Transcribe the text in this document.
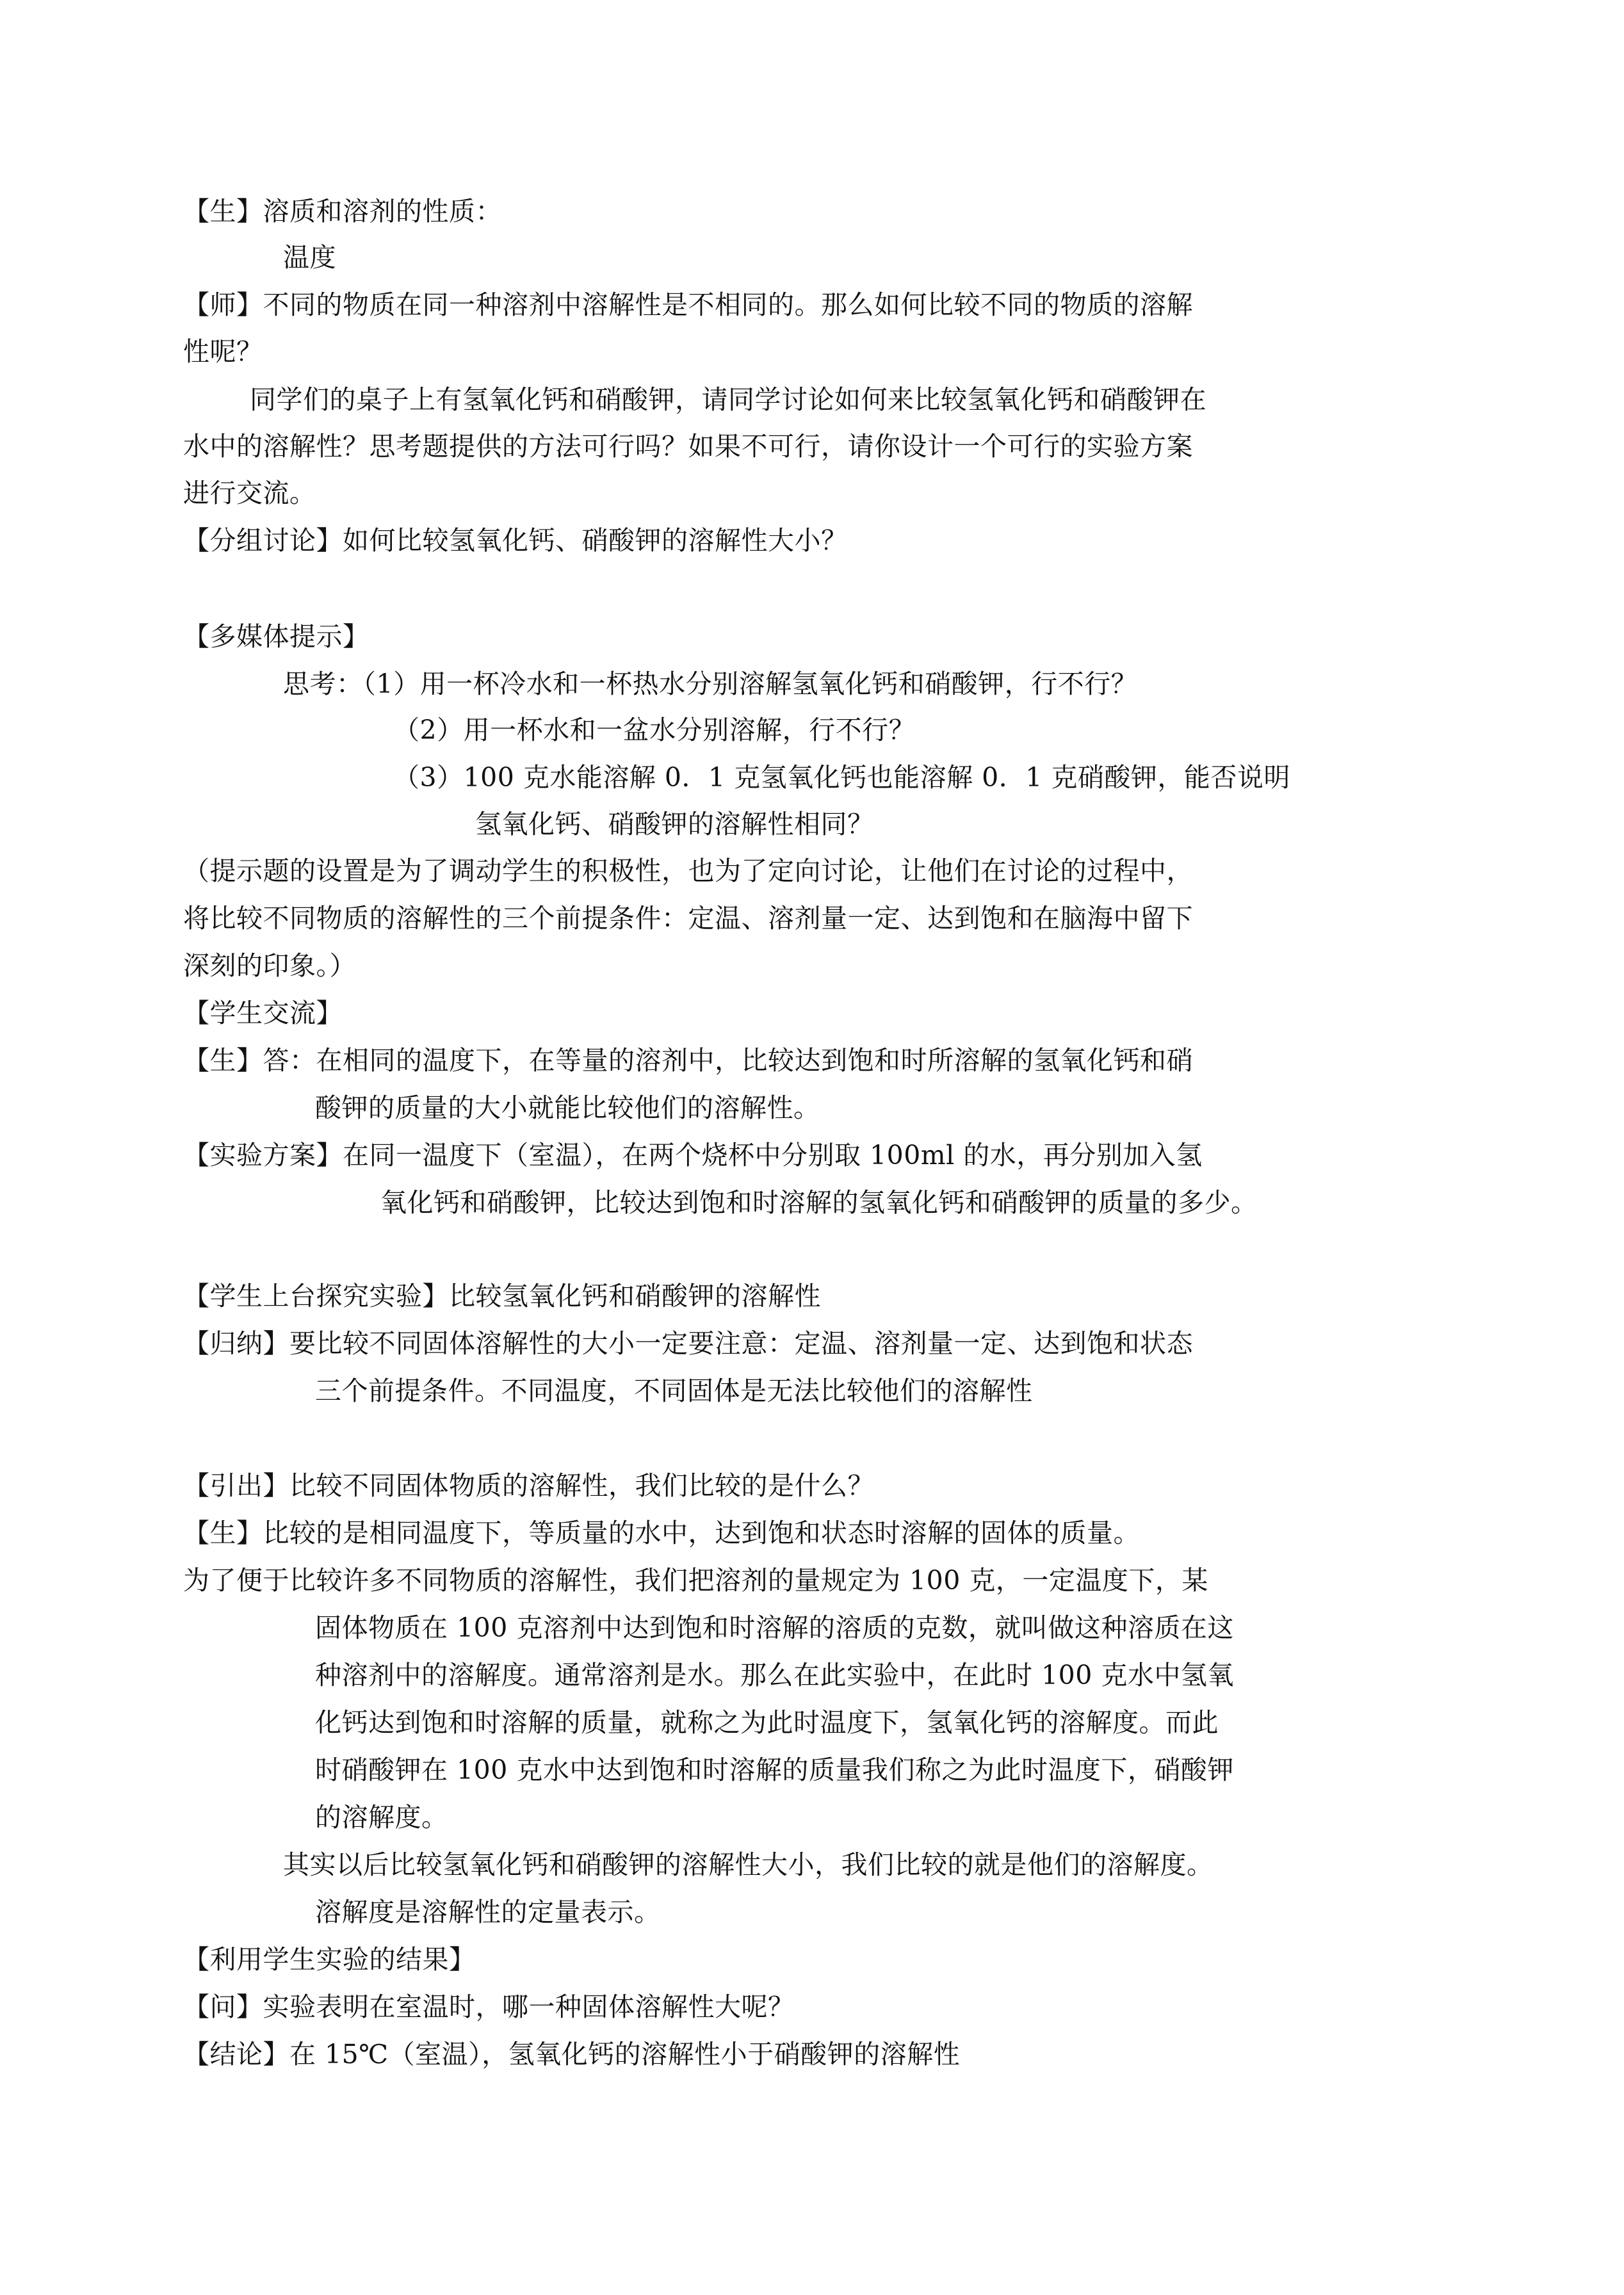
【生】溶质和溶剂的性质：
温度
【师】不同的物质在同一种溶剂中溶解性是不相同的。那么如何比较不同的物质的溶解
性呢？
同学们的桌子上有氢氧化钙和硝酸钾，请同学讨论如何来比较氢氧化钙和硝酸钾在
水中的溶解性？思考题提供的方法可行吗？如果不可行，请你设计一个可行的实验方案
进行交流。
【分组讨论】如何比较氢氧化钙、硝酸钾的溶解性大小？
【多媒体提示】
思考：（1）用一杯冷水和一杯热水分别溶解氢氧化钙和硝酸钾，行不行？
（2）用一杯水和一盆水分别溶解，行不行？
（3）100 克水能溶解 0．1 克氢氧化钙也能溶解 0．1 克硝酸钾，能否说明
氢氧化钙、硝酸钾的溶解性相同？
（提示题的设置是为了调动学生的积极性，也为了定向讨论，让他们在讨论的过程中，
将比较不同物质的溶解性的三个前提条件：定温、溶剂量一定、达到饱和在脑海中留下
深刻的印象。）
【学生交流】
【生】答：在相同的温度下，在等量的溶剂中，比较达到饱和时所溶解的氢氧化钙和硝
酸钾的质量的大小就能比较他们的溶解性。
【实验方案】在同一温度下（室温），在两个烧杯中分别取 100ml 的水，再分别加入氢
氧化钙和硝酸钾，比较达到饱和时溶解的氢氧化钙和硝酸钾的质量的多少。
【学生上台探究实验】比较氢氧化钙和硝酸钾的溶解性
【归纳】要比较不同固体溶解性的大小一定要注意：定温、溶剂量一定、达到饱和状态
三个前提条件。不同温度，不同固体是无法比较他们的溶解性
【引出】比较不同固体物质的溶解性，我们比较的是什么？
【生】比较的是相同温度下，等质量的水中，达到饱和状态时溶解的固体的质量。
为了便于比较许多不同物质的溶解性，我们把溶剂的量规定为 100 克，一定温度下，某
固体物质在 100 克溶剂中达到饱和时溶解的溶质的克数，就叫做这种溶质在这
种溶剂中的溶解度。通常溶剂是水。那么在此实验中，在此时 100 克水中氢氧
化钙达到饱和时溶解的质量，就称之为此时温度下，氢氧化钙的溶解度。而此
时硝酸钾在 100 克水中达到饱和时溶解的质量我们称之为此时温度下，硝酸钾
的溶解度。
其实以后比较氢氧化钙和硝酸钾的溶解性大小，我们比较的就是他们的溶解度。
溶解度是溶解性的定量表示。
【利用学生实验的结果】
【问】实验表明在室温时，哪一种固体溶解性大呢？
【结论】在 15℃（室温），氢氧化钙的溶解性小于硝酸钾的溶解性
